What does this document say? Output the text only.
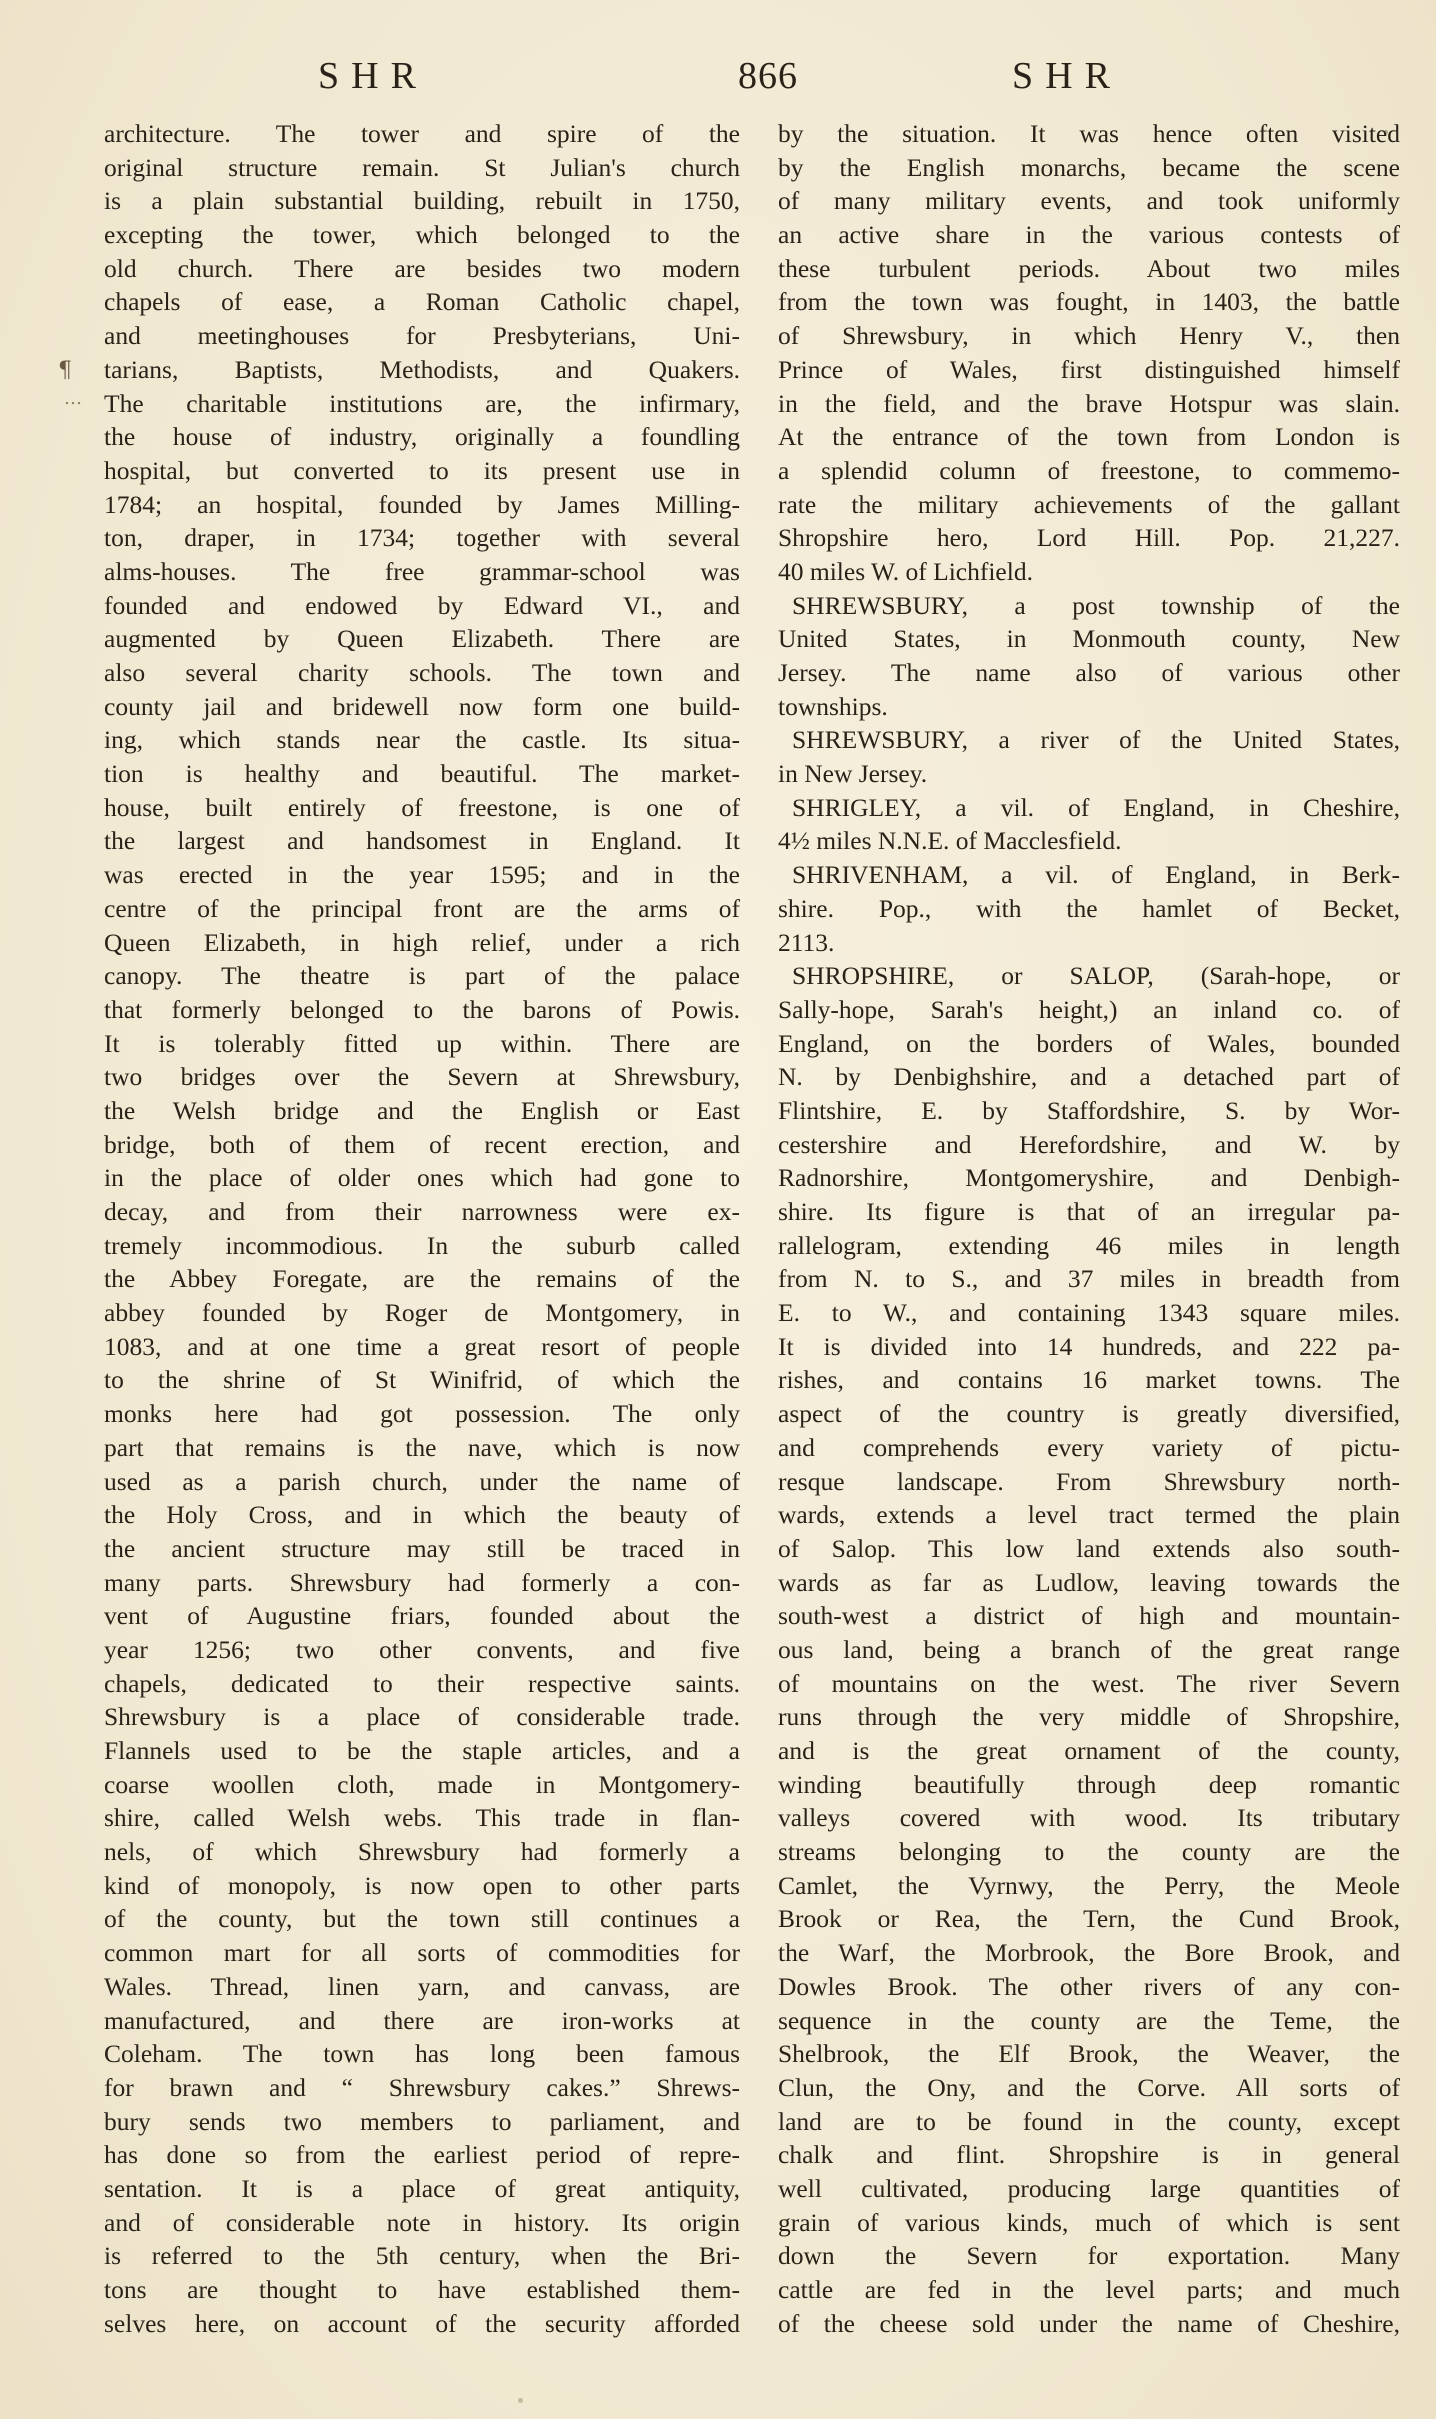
SHR	866	SHR
¶
…
architecture. The tower and spire of the
original structure remain. St Julian's church
is a plain substantial building, rebuilt in 1750,
excepting the tower, which belonged to the
old church. There are besides two modern
chapels of ease, a Roman Catholic chapel,
and meetinghouses for Presbyterians, Uni-
tarians, Baptists, Methodists, and Quakers.
The charitable institutions are, the infirmary,
the house of industry, originally a foundling
hospital, but converted to its present use in
1784; an hospital, founded by James Milling-
ton, draper, in 1734; together with several
alms-houses. The free grammar-school was
founded and endowed by Edward VI., and
augmented by Queen Elizabeth. There are
also several charity schools. The town and
county jail and bridewell now form one build-
ing, which stands near the castle. Its situa-
tion is healthy and beautiful. The market-
house, built entirely of freestone, is one of
the largest and handsomest in England. It
was erected in the year 1595; and in the
centre of the principal front are the arms of
Queen Elizabeth, in high relief, under a rich
canopy. The theatre is part of the palace
that formerly belonged to the barons of Powis.
It is tolerably fitted up within. There are
two bridges over the Severn at Shrewsbury,
the Welsh bridge and the English or East
bridge, both of them of recent erection, and
in the place of older ones which had gone to
decay, and from their narrowness were ex-
tremely incommodious. In the suburb called
the Abbey Foregate, are the remains of the
abbey founded by Roger de Montgomery, in
1083, and at one time a great resort of people
to the shrine of St Winifrid, of which the
monks here had got possession. The only
part that remains is the nave, which is now
used as a parish church, under the name of
the Holy Cross, and in which the beauty of
the ancient structure may still be traced in
many parts. Shrewsbury had formerly a con-
vent of Augustine friars, founded about the
year 1256; two other convents, and five
chapels, dedicated to their respective saints.
Shrewsbury is a place of considerable trade.
Flannels used to be the staple articles, and a
coarse woollen cloth, made in Montgomery-
shire, called Welsh webs. This trade in flan-
nels, of which Shrewsbury had formerly a
kind of monopoly, is now open to other parts
of the county, but the town still continues a
common mart for all sorts of commodities for
Wales. Thread, linen yarn, and canvass, are
manufactured, and there are iron-works at
Coleham. The town has long been famous
for brawn and “ Shrewsbury cakes.” Shrews-
bury sends two members to parliament, and
has done so from the earliest period of repre-
sentation. It is a place of great antiquity,
and of considerable note in history. Its origin
is referred to the 5th century, when the Bri-
tons are thought to have established them-
selves here, on account of the security afforded
by the situation. It was hence often visited
by the English monarchs, became the scene
of many military events, and took uniformly
an active share in the various contests of
these turbulent periods. About two miles
from the town was fought, in 1403, the battle
of Shrewsbury, in which Henry V., then
Prince of Wales, first distinguished himself
in the field, and the brave Hotspur was slain.
At the entrance of the town from London is
a splendid column of freestone, to commemo-
rate the military achievements of the gallant
Shropshire hero, Lord Hill. Pop. 21,227.
40 miles W. of Lichfield.
SHREWSBURY, a post township of the
United States, in Monmouth county, New
Jersey. The name also of various other
townships.
SHREWSBURY, a river of the United States,
in New Jersey.
SHRIGLEY, a vil. of England, in Cheshire,
4½ miles N.N.E. of Macclesfield.
SHRIVENHAM, a vil. of England, in Berk-
shire. Pop., with the hamlet of Becket,
2113.
SHROPSHIRE, or SALOP, (Sarah-hope, or
Sally-hope, Sarah's height,) an inland co. of
England, on the borders of Wales, bounded
N. by Denbighshire, and a detached part of
Flintshire, E. by Staffordshire, S. by Wor-
cestershire and Herefordshire, and W. by
Radnorshire, Montgomeryshire, and Denbigh-
shire. Its figure is that of an irregular pa-
rallelogram, extending 46 miles in length
from N. to S., and 37 miles in breadth from
E. to W., and containing 1343 square miles.
It is divided into 14 hundreds, and 222 pa-
rishes, and contains 16 market towns. The
aspect of the country is greatly diversified,
and comprehends every variety of pictu-
resque landscape. From Shrewsbury north-
wards, extends a level tract termed the plain
of Salop. This low land extends also south-
wards as far as Ludlow, leaving towards the
south-west a district of high and mountain-
ous land, being a branch of the great range
of mountains on the west. The river Severn
runs through the very middle of Shropshire,
and is the great ornament of the county,
winding beautifully through deep romantic
valleys covered with wood. Its tributary
streams belonging to the county are the
Camlet, the Vyrnwy, the Perry, the Meole
Brook or Rea, the Tern, the Cund Brook,
the Warf, the Morbrook, the Bore Brook, and
Dowles Brook. The other rivers of any con-
sequence in the county are the Teme, the
Shelbrook, the Elf Brook, the Weaver, the
Clun, the Ony, and the Corve. All sorts of
land are to be found in the county, except
chalk and flint. Shropshire is in general
well cultivated, producing large quantities of
grain of various kinds, much of which is sent
down the Severn for exportation. Many
cattle are fed in the level parts; and much
of the cheese sold under the name of Cheshire,
